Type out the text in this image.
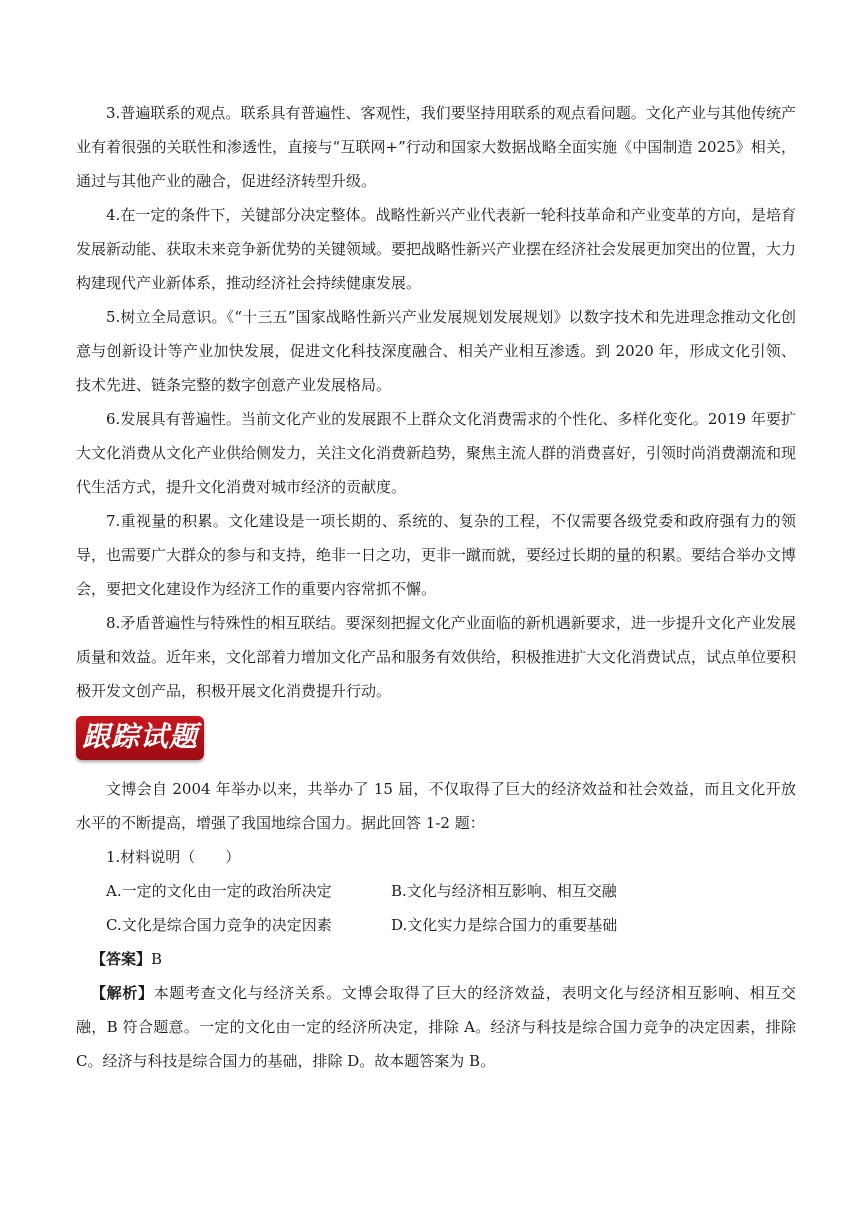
3.普遍联系的观点。联系具有普遍性、客观性，我们要坚持用联系的观点看问题。文化产业与其他传统产业有着很强的关联性和渗透性，直接与“互联网+”行动和国家大数据战略全面实施《中国制造 2025》相关，通过与其他产业的融合，促进经济转型升级。

4.在一定的条件下，关键部分决定整体。战略性新兴产业代表新一轮科技革命和产业变革的方向，是培育发展新动能、获取未来竞争新优势的关键领域。要把战略性新兴产业摆在经济社会发展更加突出的位置，大力构建现代产业新体系，推动经济社会持续健康发展。

5.树立全局意识。《“十三五”国家战略性新兴产业发展规划发展规划》以数字技术和先进理念推动文化创意与创新设计等产业加快发展，促进文化科技深度融合、相关产业相互渗透。到 2020 年，形成文化引领、技术先进、链条完整的数字创意产业发展格局。

6.发展具有普遍性。当前文化产业的发展跟不上群众文化消费需求的个性化、多样化变化。2019 年要扩大文化消费从文化产业供给侧发力，关注文化消费新趋势，聚焦主流人群的消费喜好，引领时尚消费潮流和现代生活方式，提升文化消费对城市经济的贡献度。

7.重视量的积累。文化建设是一项长期的、系统的、复杂的工程，不仅需要各级党委和政府强有力的领导，也需要广大群众的参与和支持，绝非一日之功，更非一蹴而就，要经过长期的量的积累。要结合举办文博会，要把文化建设作为经济工作的重要内容常抓不懈。

8.矛盾普遍性与特殊性的相互联结。要深刻把握文化产业面临的新机遇新要求，进一步提升文化产业发展质量和效益。近年来，文化部着力增加文化产品和服务有效供给，积极推进扩大文化消费试点，试点单位要积极开发文创产品，积极开展文化消费提升行动。

跟踪试题

文博会自 2004 年举办以来，共举办了 15 届，不仅取得了巨大的经济效益和社会效益，而且文化开放水平的不断提高，增强了我国地综合国力。据此回答 1-2 题：

1.材料说明（　　）
A.一定的文化由一定的政治所决定	B.文化与经济相互影响、相互交融
C.文化是综合国力竞争的决定因素	D.文化实力是综合国力的重要基础
【答案】B

【解析】本题考查文化与经济关系。文博会取得了巨大的经济效益，表明文化与经济相互影响、相互交融，B 符合题意。一定的文化由一定的经济所决定，排除 A。经济与科技是综合国力竞争的决定因素，排除 C。经济与科技是综合国力的基础，排除 D。故本题答案为 B。
